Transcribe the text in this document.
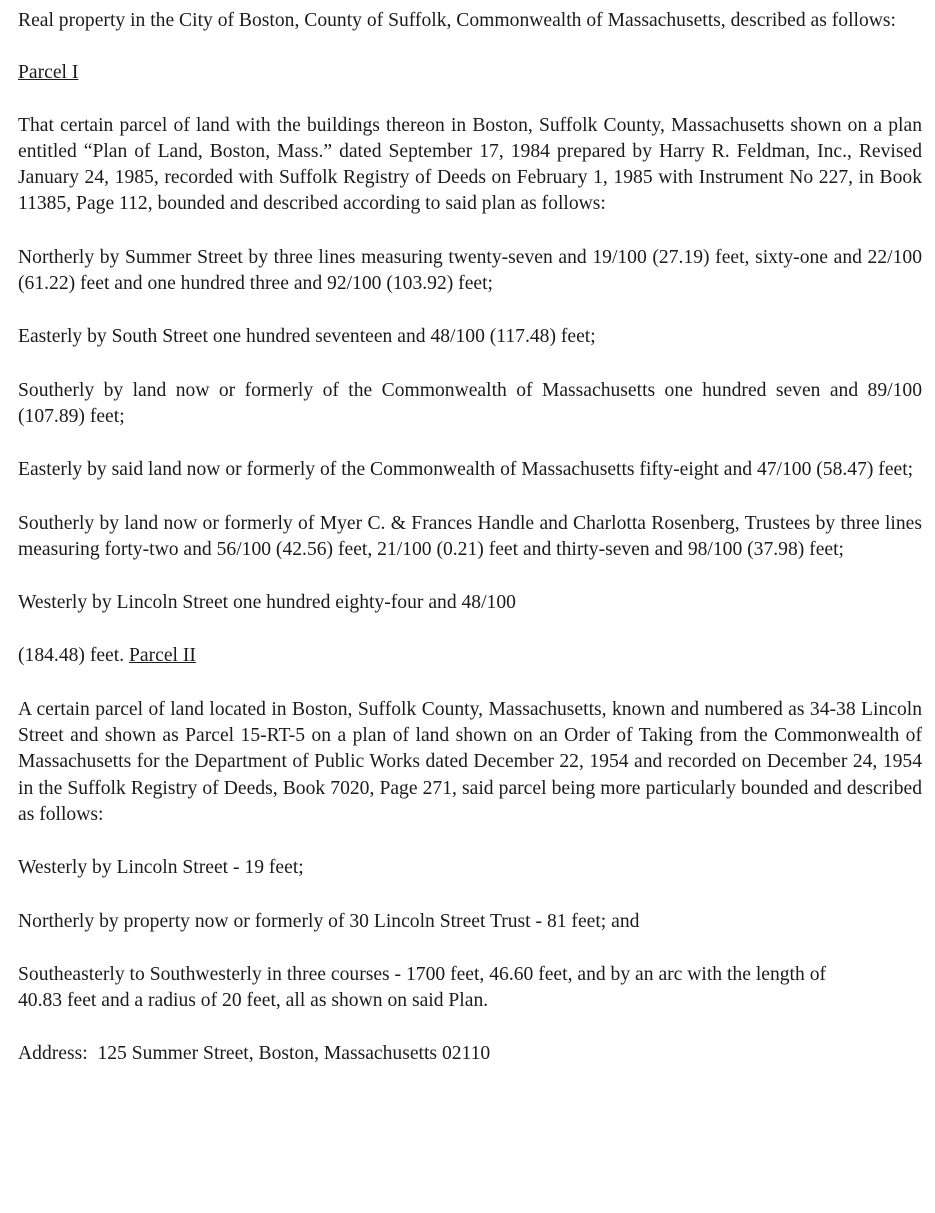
Real property in the City of Boston, County of Suffolk, Commonwealth of Massachusetts, described as follows:

Parcel I

That certain parcel of land with the buildings thereon in Boston, Suffolk County, Massachusetts shown on a plan entitled “Plan of Land, Boston, Mass.” dated September 17, 1984 prepared by Harry R. Feldman, Inc., Revised January 24, 1985, recorded with Suffolk Registry of Deeds on February 1, 1985 with Instrument No 227, in Book 11385, Page 112, bounded and described according to said plan as follows:

Northerly by Summer Street by three lines measuring twenty-seven and 19/100 (27.19) feet, sixty-one and 22/100 (61.22) feet and one hundred three and 92/100 (103.92) feet;

Easterly by South Street one hundred seventeen and 48/100 (117.48) feet;

Southerly by land now or formerly of the Commonwealth of Massachusetts one hundred seven and 89/100 (107.89) feet;

Easterly by said land now or formerly of the Commonwealth of Massachusetts fifty-eight and 47/100 (58.47) feet;

Southerly by land now or formerly of Myer C. & Frances Handle and Charlotta Rosenberg, Trustees by three lines measuring forty-two and 56/100 (42.56) feet, 21/100 (0.21) feet and thirty-seven and 98/100 (37.98) feet;

Westerly by Lincoln Street one hundred eighty-four and 48/100

(184.48) feet. Parcel II

A certain parcel of land located in Boston, Suffolk County, Massachusetts, known and numbered as 34-38 Lincoln Street and shown as Parcel 15-RT-5 on a plan of land shown on an Order of Taking from the Commonwealth of Massachusetts for the Department of Public Works dated December 22, 1954 and recorded on December 24, 1954 in the Suffolk Registry of Deeds, Book 7020, Page 271, said parcel being more particularly bounded and described as follows:

Westerly by Lincoln Street - 19 feet;

Northerly by property now or formerly of 30 Lincoln Street Trust - 81 feet; and

Southeasterly to Southwesterly in three courses - 1700 feet, 46.60 feet, and by an arc with the length of

40.83 feet and a radius of 20 feet, all as shown on said Plan.

Address:  125 Summer Street, Boston, Massachusetts 02110
